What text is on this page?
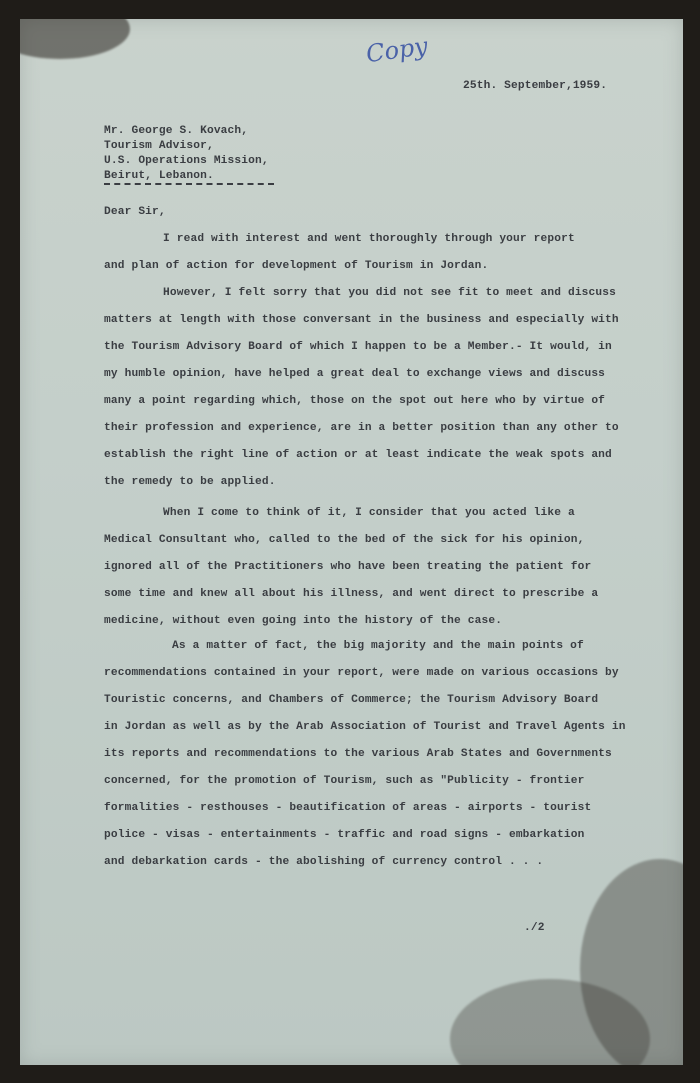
Copy

25th. September,1959.

Mr. George S. Kovach,

Tourism Advisor,

U.S. Operations Mission,

Beirut, Lebanon.

Dear Sir,

I read with interest and went thoroughly through your report

and plan of action for development of Tourism in Jordan.

However, I felt sorry that you did not see fit to meet and discuss

matters at length with those conversant in the business and especially with

the Tourism Advisory Board of which I happen to be a Member.- It would, in

my humble opinion, have helped a great deal to exchange views and discuss

many a point regarding which, those on the spot out here who by virtue of

their profession and experience, are in a better position than any other to

establish the right line of action or at least indicate the weak spots and

the remedy to be applied.

When I come to think of it, I consider that you acted like a

Medical Consultant who, called to the bed of the sick for his opinion,

ignored all of the Practitioners who have been treating the patient for

some time and knew all about his illness, and went direct to prescribe a

medicine, without even going into the history of the case.

As a matter of fact, the big majority and the main points of

recommendations contained in your report, were made on various occasions by

Touristic concerns, and Chambers of Commerce; the Tourism Advisory Board

in Jordan as well as by the Arab Association of Tourist and Travel Agents in

its reports and recommendations to the various Arab States and Governments

concerned, for the promotion of Tourism, such as "Publicity - frontier

formalities - resthouses - beautification of areas - airports - tourist

police - visas - entertainments - traffic and road signs - embarkation

and debarkation cards - the abolishing of currency control . . .

./2
